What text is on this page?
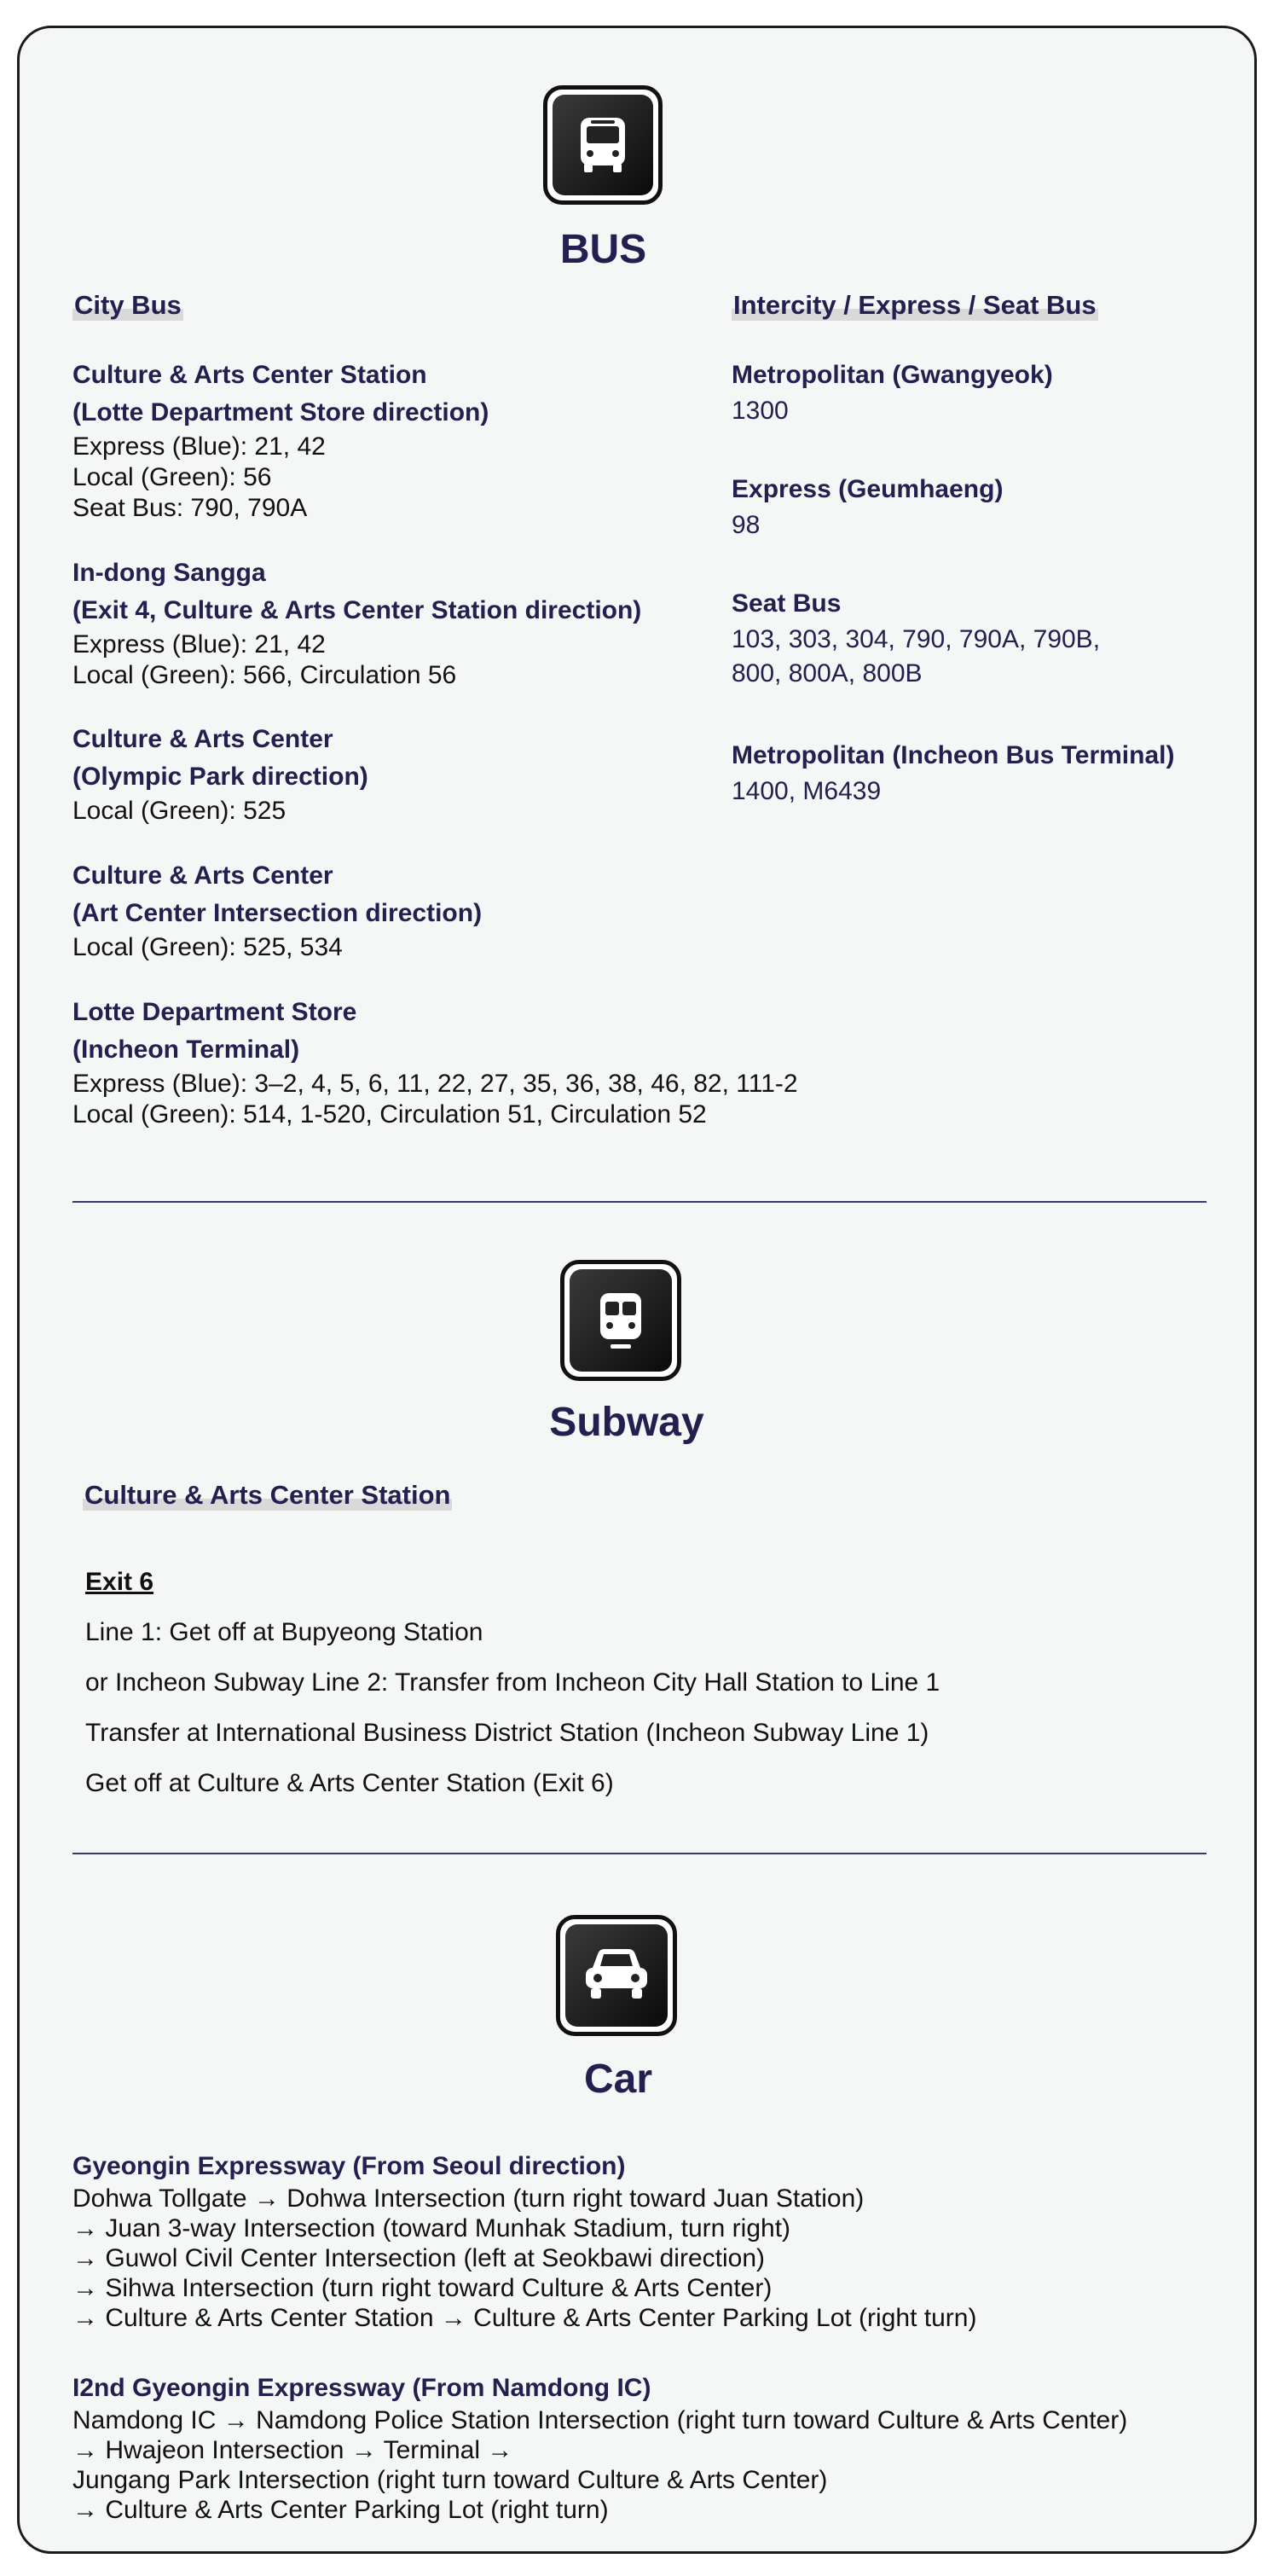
BUS
City Bus	Intercity / Express / Seat Bus
Culture & Arts Center Station
(Lotte Department Store direction)
Express (Blue): 21, 42
Local (Green): 56
Seat Bus: 790, 790A
In-dong Sangga
(Exit 4, Culture & Arts Center Station direction)
Express (Blue): 21, 42
Local (Green): 566, Circulation 56
Culture & Arts Center
(Olympic Park direction)
Local (Green): 525
Culture & Arts Center
(Art Center Intersection direction)
Local (Green): 525, 534
Lotte Department Store
(Incheon Terminal)
Express (Blue): 3–2, 4, 5, 6, 11, 22, 27, 35, 36, 38, 46, 82, 111-2
Local (Green): 514, 1-520, Circulation 51, Circulation 52
Metropolitan (Gwangyeok)
1300
Express (Geumhaeng)
98
Seat Bus
103, 303, 304, 790, 790A, 790B,
800, 800A, 800B
Metropolitan (Incheon Bus Terminal)
1400, M6439
Subway
Culture & Arts Center Station
Exit 6
Line 1: Get off at Bupyeong Station
or Incheon Subway Line 2: Transfer from Incheon City Hall Station to Line 1
Transfer at International Business District Station (Incheon Subway Line 1)
Get off at Culture & Arts Center Station (Exit 6)
Car
Gyeongin Expressway (From Seoul direction)
Dohwa Tollgate → Dohwa Intersection (turn right toward Juan Station)
→ Juan 3-way Intersection (toward Munhak Stadium, turn right)
→ Guwol Civil Center Intersection (left at Seokbawi direction)
→ Sihwa Intersection (turn right toward Culture & Arts Center)
→ Culture & Arts Center Station → Culture & Arts Center Parking Lot (right turn)
I2nd Gyeongin Expressway (From Namdong IC)
Namdong IC → Namdong Police Station Intersection (right turn toward Culture & Arts Center)
→ Hwajeon Intersection → Terminal →
Jungang Park Intersection (right turn toward Culture & Arts Center)
→ Culture & Arts Center Parking Lot (right turn)
